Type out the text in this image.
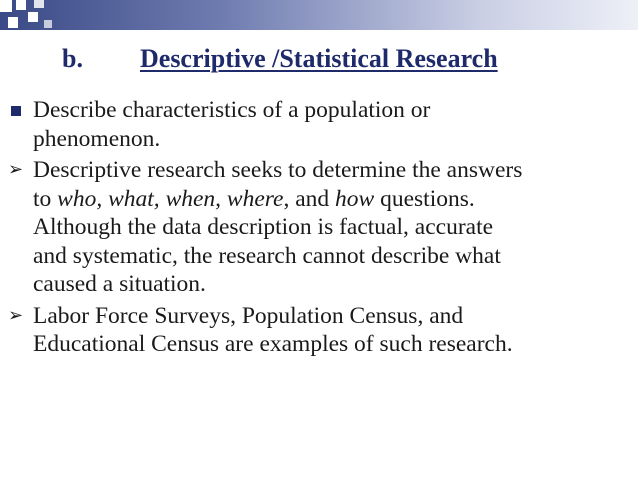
b. Descriptive /Statistical Research
Describe characteristics of a population or
phenomenon.
➢ Descriptive research seeks to determine the answers
to who, what, when, where, and how questions.
Although the data description is factual, accurate
and systematic, the research cannot describe what
caused a situation.
➢ Labor Force Surveys, Population Census, and
Educational Census are examples of such research.
